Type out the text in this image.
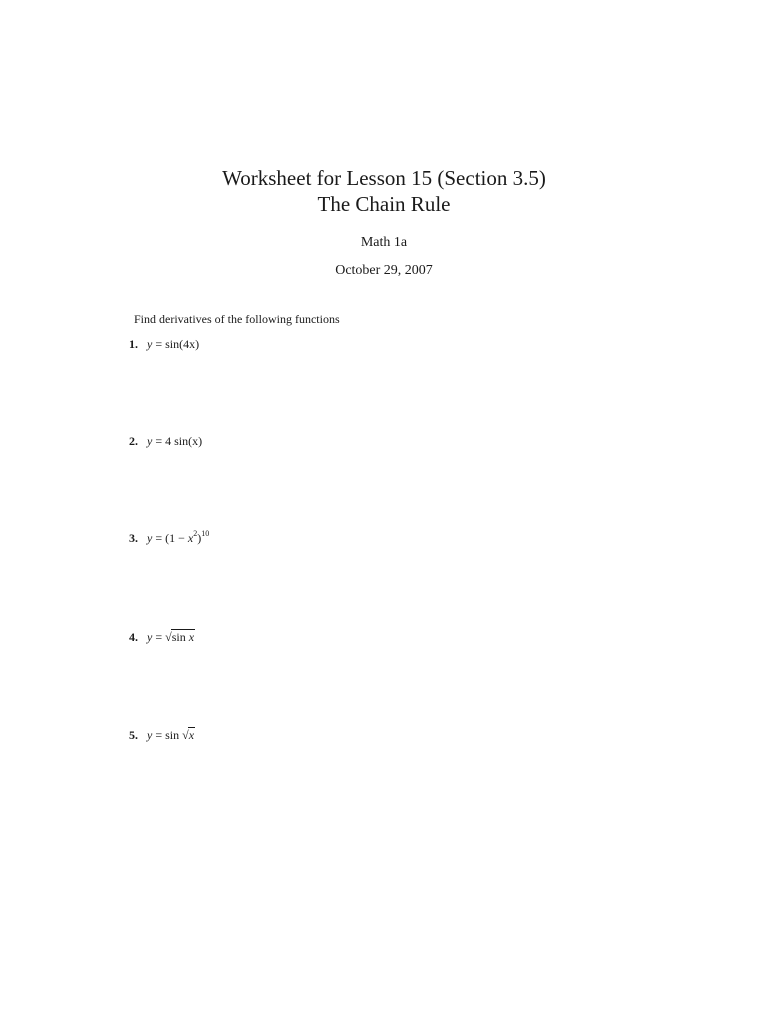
Worksheet for Lesson 15 (Section 3.5)
The Chain Rule
Math 1a
October 29, 2007
Find derivatives of the following functions
1. y = sin(4x)
2. y = 4 sin(x)
3. $y = (1 - x^2)^{10}$
4. y = √sin x
5. y = sin √x
